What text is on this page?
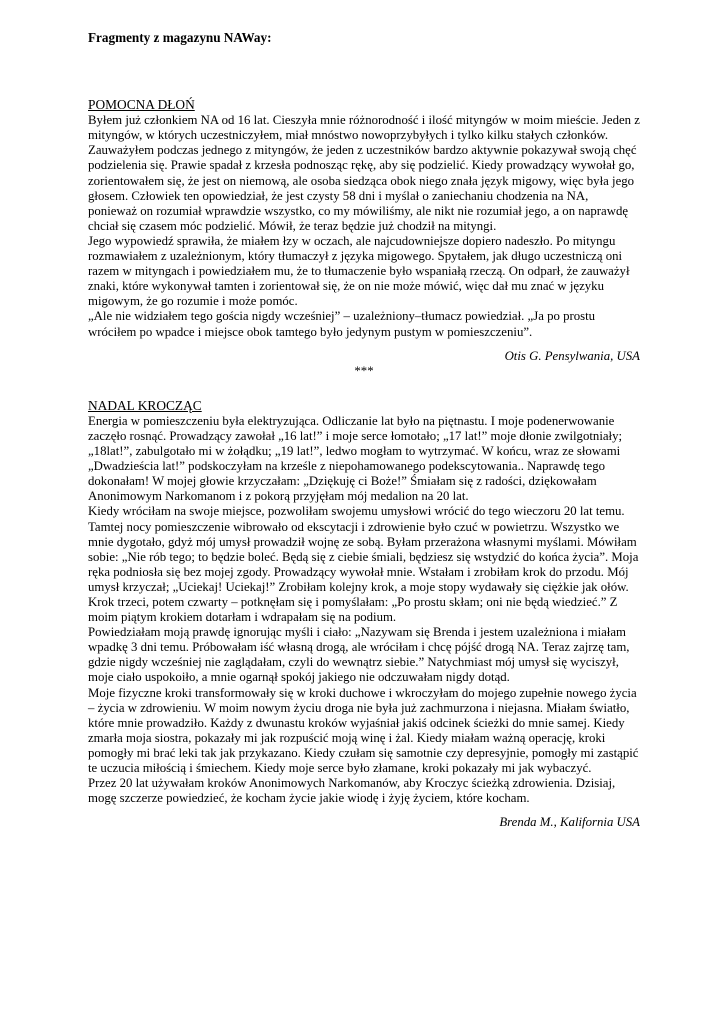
Fragmenty z magazynu NAWay:
POMOCNA DŁOŃ

Byłem już członkiem NA od 16 lat. Cieszyła mnie różnorodność i ilość mityngów w moim mieście. Jeden z mityngów, w których uczestniczyłem, miał mnóstwo nowoprzybyłych i tylko kilku stałych członków. Zauważyłem podczas jednego z mityngów, że jeden z uczestników bardzo aktywnie pokazywał swoją chęć podzielenia się. Prawie spadał z krzesła podnosząc rękę, aby się podzielić. Kiedy prowadzący wywołał go, zorientowałem się, że jest on niemową, ale osoba siedząca obok niego znała język migowy, więc była jego głosem. Człowiek ten opowiedział, że jest czysty 58 dni i myślał o zaniechaniu chodzenia na NA, ponieważ on rozumiał wprawdzie wszystko, co my mówiliśmy, ale nikt nie rozumiał jego, a on naprawdę chciał się czasem móc podzielić. Mówił, że teraz będzie już chodził na mityngi.

Jego wypowiedź sprawiła, że miałem łzy w oczach, ale najcudowniejsze dopiero nadeszło. Po mityngu rozmawiałem z uzależnionym, który tłumaczył z języka migowego. Spytałem, jak długo uczestniczą oni razem w mityngach i powiedziałem mu, że to tłumaczenie było wspaniałą rzeczą. On odparł, że zauważył znaki, które wykonywał tamten i zorientował się, że on nie może mówić, więc dał mu znać w języku migowym, że go rozumie i może pomóc.

„Ale nie widziałem tego gościa nigdy wcześniej” – uzależniony–tłumacz powiedział. „Ja po prostu wróciłem po wpadce i miejsce obok tamtego było jedynym pustym w pomieszczeniu”.

Otis G. Pensylwania, USA
***
NADAL KROCZĄC

Energia w pomieszczeniu była elektryzująca. Odliczanie lat było na piętnastu. I moje podenerwowanie zaczęło rosnąć. Prowadzący zawołał „16 lat!” i moje serce łomotało; „17 lat!” moje dłonie zwilgotniały; „18lat!”, zabulgotało mi w żołądku; „19 lat!”, ledwo mogłam to wytrzymać. W końcu, wraz ze słowami „Dwadzieścia lat!” podskoczyłam na krześle z niepohamowanego podekscytowania.. Naprawdę tego dokonałam! W mojej głowie krzyczałam: „Dziękuję ci Boże!” Śmiałam się z radości, dziękowałam Anonimowym Narkomanom i z pokorą przyjęłam mój medalion na 20 lat.

Kiedy wróciłam na swoje miejsce, pozwoliłam swojemu umysłowi wrócić do tego wieczoru 20 lat temu. Tamtej nocy pomieszczenie wibrowało od ekscytacji i zdrowienie było czuć w powietrzu. Wszystko we mnie dygotało, gdyż mój umysł prowadził wojnę ze sobą. Byłam przerażona własnymi myślami. Mówiłam sobie: „Nie rób tego; to będzie boleć. Będą się z ciebie śmiali, będziesz się wstydzić do końca życia”. Moja ręka podniosła się bez mojej zgody. Prowadzący wywołał mnie. Wstałam i zrobiłam krok do przodu. Mój umysł krzyczał; „Uciekaj! Uciekaj!” Zrobiłam kolejny krok, a moje stopy wydawały się ciężkie jak ołów. Krok trzeci, potem czwarty – potknęłam się i pomyślałam: „Po prostu skłam; oni nie będą wiedzieć.” Z moim piątym krokiem dotarłam i wdrapałam się na podium.

Powiedziałam moją prawdę ignorując myśli i ciało: „Nazywam się Brenda i jestem uzależniona i miałam wpadkę 3 dni temu. Próbowałam iść własną drogą, ale wróciłam i chcę pójść drogą NA. Teraz zajrzę tam, gdzie nigdy wcześniej nie zaglądałam, czyli do wewnątrz siebie.” Natychmiast mój umysł się wyciszył, moje ciało uspokoiło, a mnie ogarnął spokój jakiego nie odczuwałam nigdy dotąd.

Moje fizyczne kroki transformowały się w kroki duchowe i wkroczyłam do mojego zupełnie nowego życia – życia w zdrowieniu. W moim nowym życiu droga nie była już zachmurzona i niejasna. Miałam światło, które mnie prowadziło. Każdy z dwunastu kroków wyjaśniał jakiś odcinek ścieżki do mnie samej. Kiedy zmarła moja siostra, pokazały mi jak rozpuścić moją winę i żal. Kiedy miałam ważną operację, kroki pomogły mi brać leki tak jak przykazano. Kiedy czułam się samotnie czy depresyjnie, pomogły mi zastąpić te uczucia miłością i śmiechem. Kiedy moje serce było złamane, kroki pokazały mi jak wybaczyć.

Przez 20 lat używałam kroków Anonimowych Narkomanów, aby Kroczyc ścieżką zdrowienia. Dzisiaj, mogę szczerze powiedzieć, że kocham życie jakie wiodę i żyję życiem, które kocham.

Brenda M., Kalifornia USA
